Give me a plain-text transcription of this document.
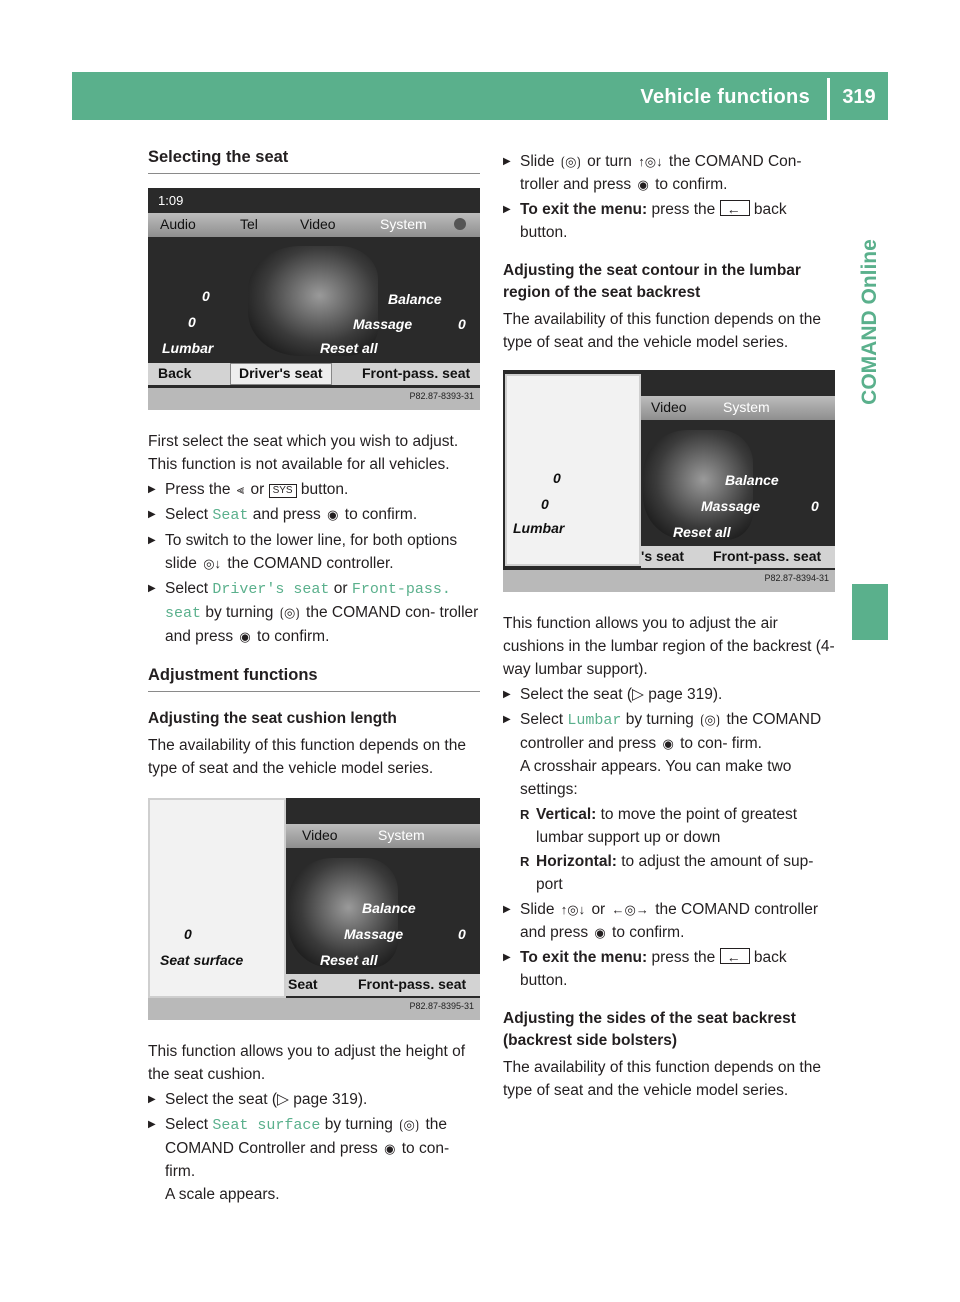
Vehicle functions	319
COMAND Online
Selecting the seat
1:09
Audio	Tel	Video	System
0
0
Balance
Massage	0
Lumbar	Reset all
Back	Driver's seat	Front-pass. seat
P82.87-8393-31

First select the seat which you wish to adjust. This function is not available for all vehicles.

▶ Press the ⫷ or SYS button.
▶ Select Seat and press ◉ to confirm.
▶ To switch to the lower line, for both options slide ◎↓ the COMAND controller.
▶ Select Driver's seat or Front-pass. seat by turning ⟮◎⟯ the COMAND con- troller and press ◉ to confirm.
Adjustment functions
Adjusting the seat cushion length

The availability of this function depends on the type of seat and the vehicle model series.

Video	System
0
Balance
Massage	0
Seat surface	Reset all
Seat	Front-pass. seat
P82.87-8395-31

This function allows you to adjust the height of the seat cushion.

▶ Select the seat (▷ page 319).
▶ Select Seat surface by turning ⟮◎⟯ the COMAND Controller and press ◉ to con- firm.
A scale appears.
▶ Slide ⟮◎⟯ or turn ↑◎↓ the COMAND Con- troller and press ◉ to confirm.
▶ To exit the menu: press the ← back button.
Adjusting the seat contour in the lumbar region of the seat backrest

The availability of this function depends on the type of seat and the vehicle model series.

Video	System
0
0
Lumbar
Balance
Massage	0
Reset all
's seat Front-pass. seat
P82.87-8394-31

This function allows you to adjust the air cushions in the lumbar region of the backrest (4-way lumbar support).

▶ Select the seat (▷ page 319).
▶ Select Lumbar by turning ⟮◎⟯ the COMAND controller and press ◉ to con- firm.
A crosshair appears. You can make two settings:
R Vertical: to move the point of greatest lumbar support up or down
R Horizontal: to adjust the amount of sup- port
▶ Slide ↑◎↓ or ←◎→ the COMAND controller and press ◉ to confirm.
▶ To exit the menu: press the ← back button.
Adjusting the sides of the seat backrest (backrest side bolsters)

The availability of this function depends on the type of seat and the vehicle model series.
